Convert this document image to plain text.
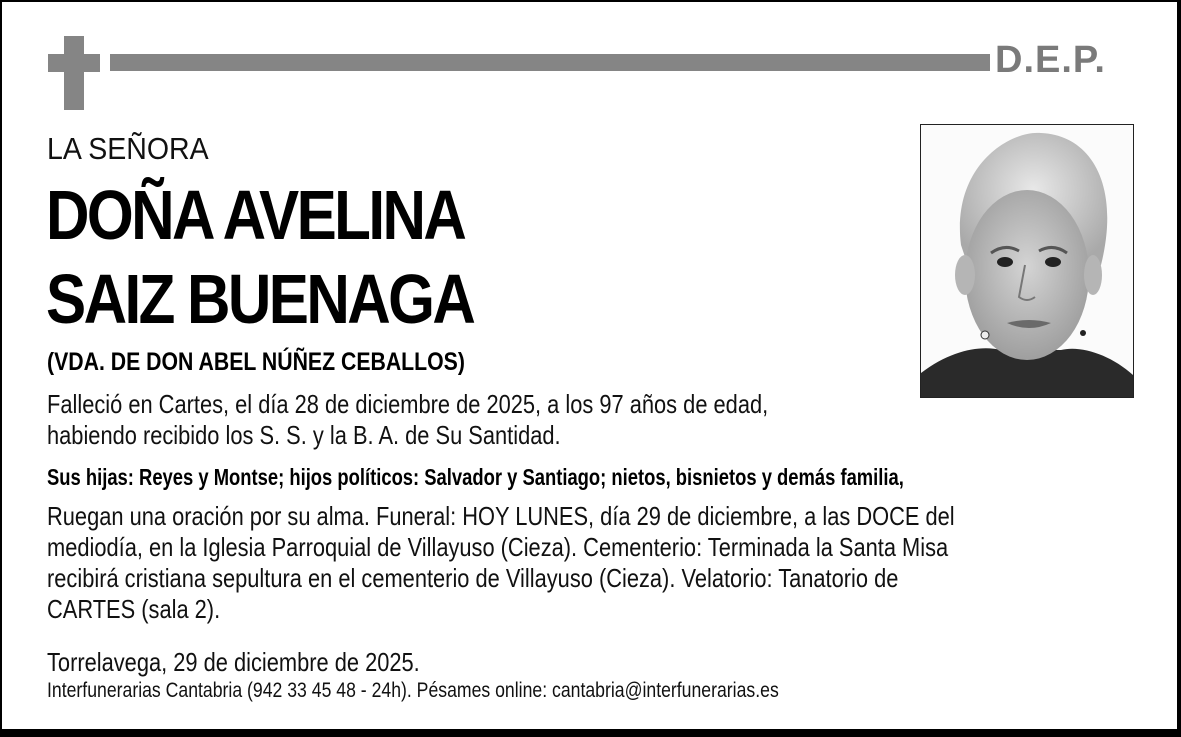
D.E.P.
LA SEÑORA
DOÑA AVELINA
SAIZ BUENAGA
(VDA. DE DON ABEL NÚÑEZ CEBALLOS)
Falleció en Cartes, el día 28 de diciembre de 2025, a los 97 años de edad,
habiendo recibido los S. S. y la B. A. de Su Santidad.
Sus hijas: Reyes y Montse; hijos políticos: Salvador y Santiago; nietos, bisnietos y demás familia,
Ruegan una oración por su alma. Funeral: HOY LUNES, día 29 de diciembre, a las DOCE del
mediodía, en la Iglesia Parroquial de Villayuso (Cieza). Cementerio: Terminada la Santa Misa
recibirá cristiana sepultura en el cementerio de Villayuso (Cieza). Velatorio: Tanatorio de
CARTES (sala 2).
Torrelavega, 29 de diciembre de 2025.
Interfunerarias Cantabria (942 33 45 48 - 24h). Pésames online: cantabria@interfunerarias.es
